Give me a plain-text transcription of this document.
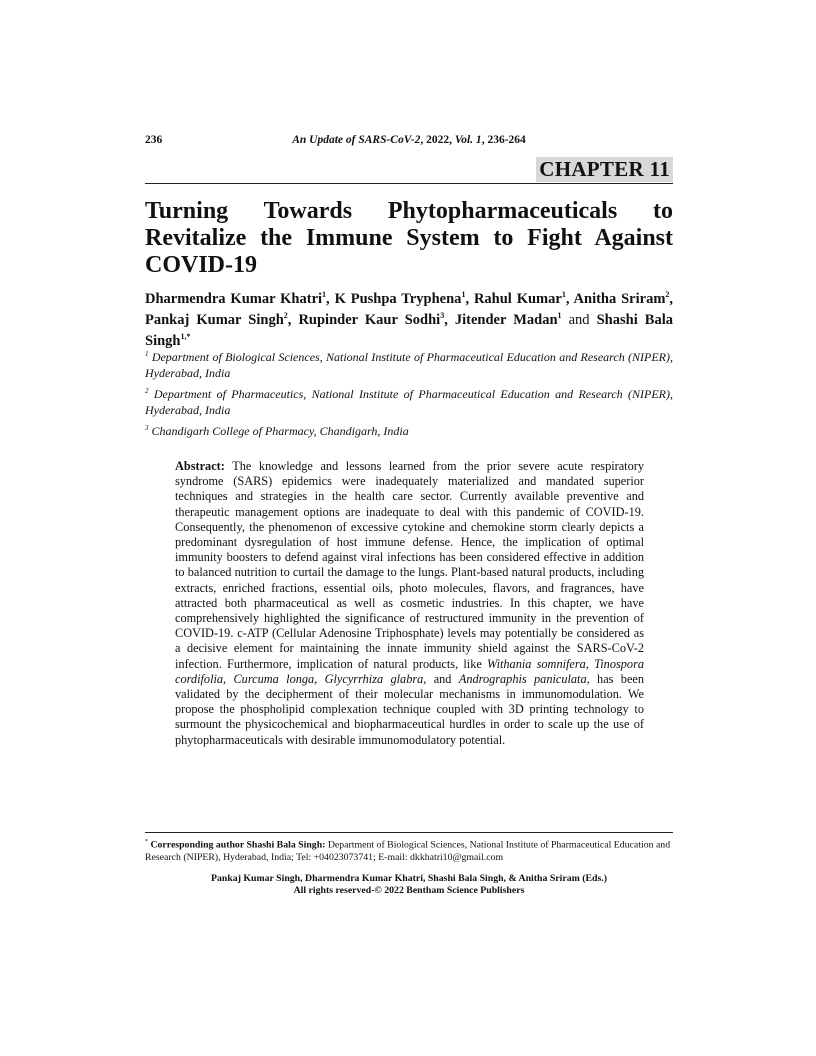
236	An Update of SARS-CoV-2, 2022, Vol. 1, 236-264
CHAPTER 11
Turning Towards Phytopharmaceuticals to Revitalize the Immune System to Fight Against COVID-19

Dharmendra Kumar Khatri$^1$, K Pushpa Tryphena$^1$, Rahul Kumar$^1$, Anitha Sriram$^2$, Pankaj Kumar Singh$^2$, Rupinder Kaur Sodhi$^3$, Jitender Madan$^1$ and Shashi Bala Singh$^{1,*}$

$^1$ Department of Biological Sciences, National Institute of Pharmaceutical Education and Research (NIPER), Hyderabad, India

$^2$ Department of Pharmaceutics, National Institute of Pharmaceutical Education and Research (NIPER), Hyderabad, India

$^3$ Chandigarh College of Pharmacy, Chandigarh, India

Abstract: The knowledge and lessons learned from the prior severe acute respiratory syndrome (SARS) epidemics were inadequately materialized and mandated superior techniques and strategies in the health care sector. Currently available preventive and therapeutic management options are inadequate to deal with this pandemic of COVID-19. Consequently, the phenomenon of excessive cytokine and chemokine storm clearly depicts a predominant dysregulation of host immune defense. Hence, the implication of optimal immunity boosters to defend against viral infections has been considered effective in addition to balanced nutrition to curtail the damage to the lungs. Plant-based natural products, including extracts, enriched fractions, essential oils, photo molecules, flavors, and fragrances, have attracted both pharmaceutical as well as cosmetic industries. In this chapter, we have comprehensively highlighted the significance of restructured immunity in the prevention of COVID-19. c-ATP (Cellular Adenosine Triphosphate) levels may potentially be considered as a decisive element for maintaining the innate immunity shield against the SARS-CoV-2 infection. Furthermore, implication of natural products, like Withania somnifera, Tinospora cordifolia, Curcuma longa, Glycyrrhiza glabra, and Andrographis paniculata, has been validated by the decipherment of their molecular mechanisms in immunomodulation. We propose the phospholipid complexation technique coupled with 3D printing technology to surmount the physicochemical and biopharmaceutical hurdles in order to scale up the use of phytopharmaceuticals with desirable immunomodulatory potential.

* Corresponding author Shashi Bala Singh: Department of Biological Sciences, National Institute of Pharmaceutical Education and Research (NIPER), Hyderabad, India; Tel: +04023073741; E-mail: dkkhatri10@gmail.com

Pankaj Kumar Singh, Dharmendra Kumar Khatri, Shashi Bala Singh, & Anitha Sriram (Eds.)
All rights reserved-© 2022 Bentham Science Publishers
